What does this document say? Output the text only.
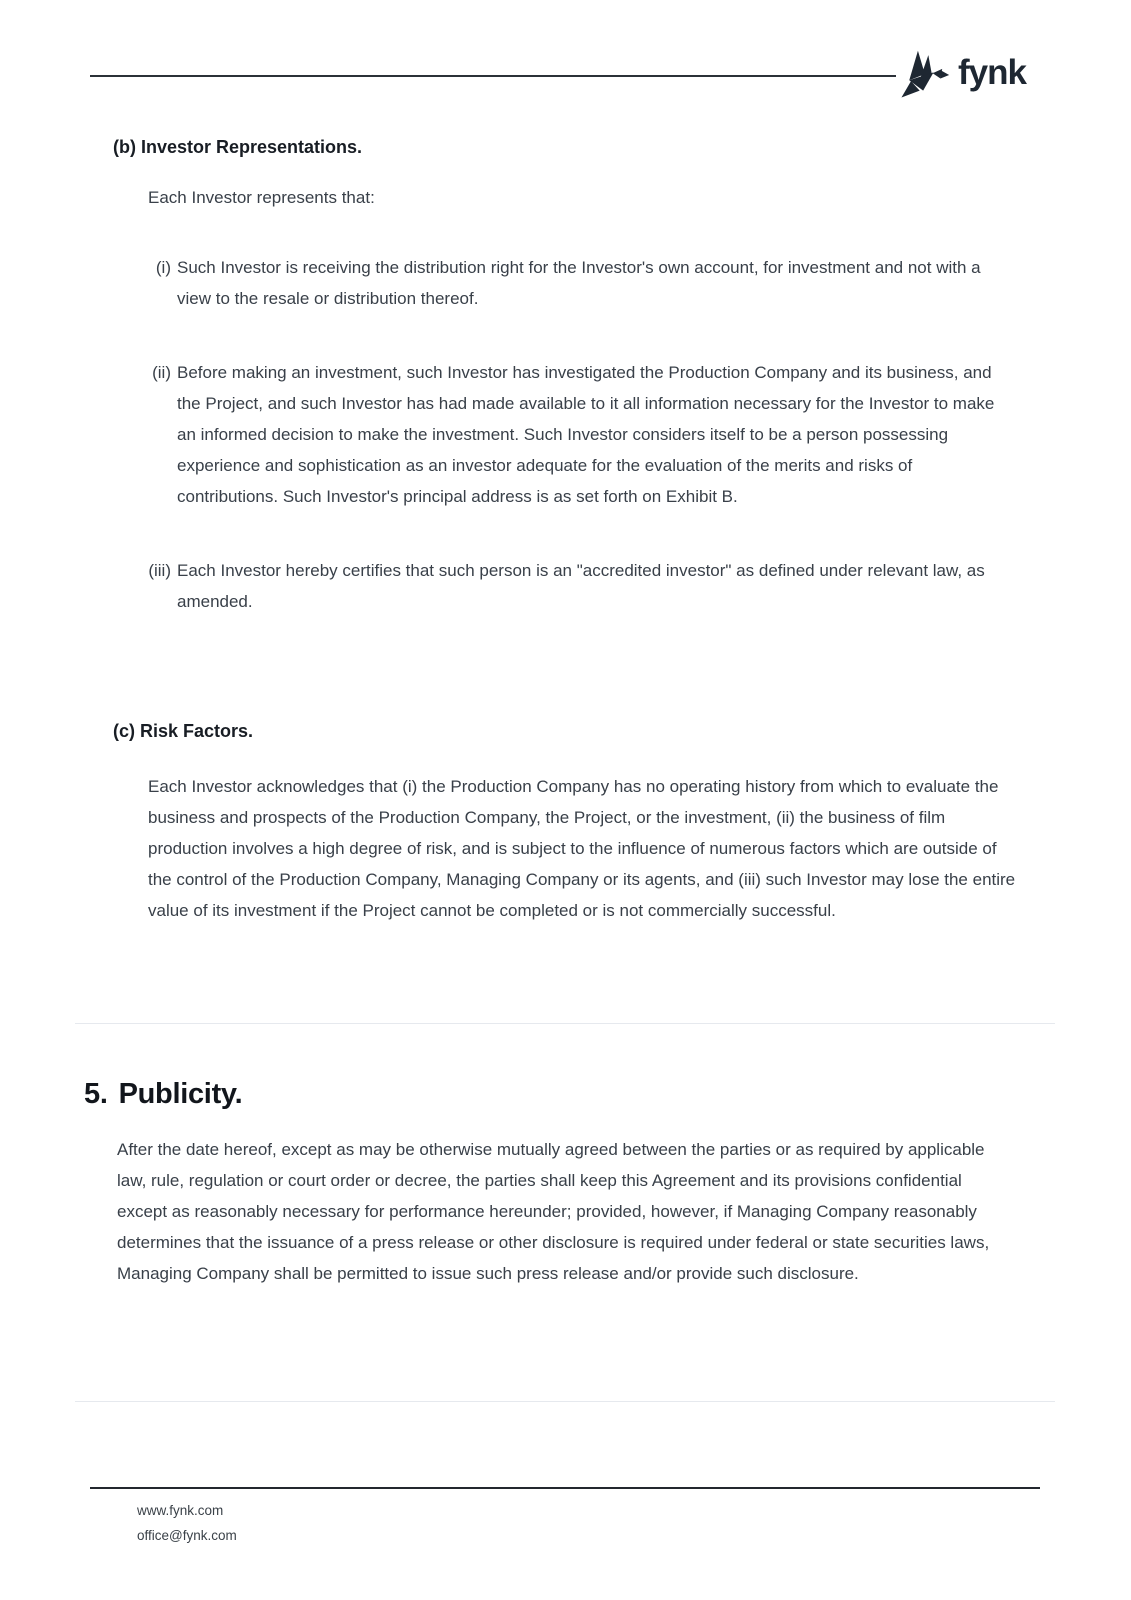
fynk
(b) Investor Representations.
Each Investor represents that:
(i) Such Investor is receiving the distribution right for the Investor's own account, for investment and not with a view to the resale or distribution thereof.
(ii) Before making an investment, such Investor has investigated the Production Company and its business, and the Project, and such Investor has had made available to it all information necessary for the Investor to make an informed decision to make the investment. Such Investor considers itself to be a person possessing experience and sophistication as an investor adequate for the evaluation of the merits and risks of contributions. Such Investor's principal address is as set forth on Exhibit B.
(iii) Each Investor hereby certifies that such person is an "accredited investor" as defined under relevant law, as amended.
(c) Risk Factors.
Each Investor acknowledges that (i) the Production Company has no operating history from which to evaluate the business and prospects of the Production Company, the Project, or the investment, (ii) the business of film production involves a high degree of risk, and is subject to the influence of numerous factors which are outside of the control of the Production Company, Managing Company or its agents, and (iii) such Investor may lose the entire value of its investment if the Project cannot be completed or is not commercially successful.
5. Publicity.
After the date hereof, except as may be otherwise mutually agreed between the parties or as required by applicable law, rule, regulation or court order or decree, the parties shall keep this Agreement and its provisions confidential except as reasonably necessary for performance hereunder; provided, however, if Managing Company reasonably determines that the issuance of a press release or other disclosure is required under federal or state securities laws, Managing Company shall be permitted to issue such press release and/or provide such disclosure.
www.fynk.com
office@fynk.com
